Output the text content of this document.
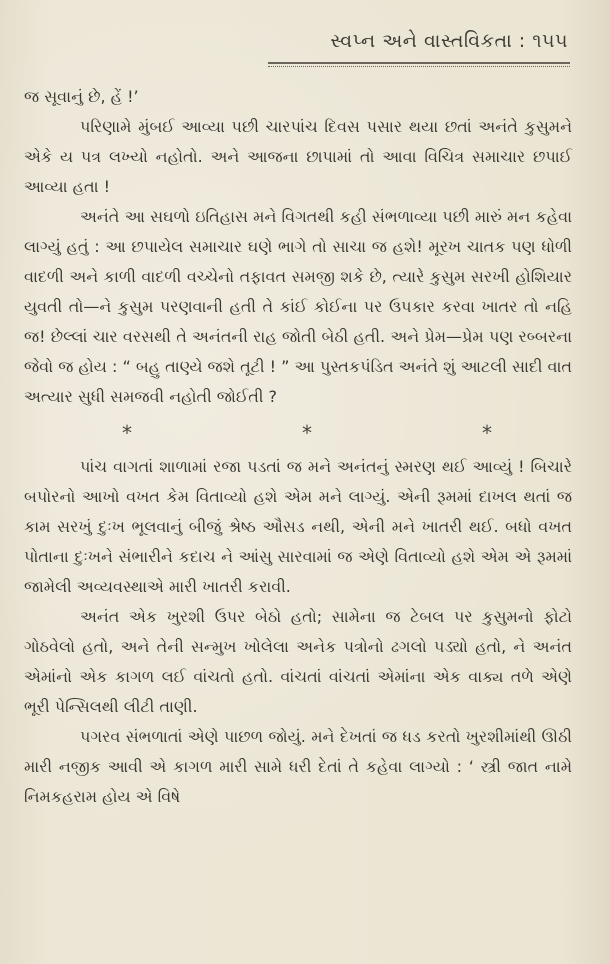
સ્વપ્ન અને વાસ્તવિકતા : ૧૫૫

જ સૂવાનું છે, હેં !’

પરિણામે મુંબઈ આવ્યા પછી ચારપાંચ દિવસ પસાર થયા છતાં અનંતે કુસુમને એકે ય પત્ર લખ્યો નહોતો. અને આજના છાપામાં તો આવા વિચિત્ર સમાચાર છપાઈ આવ્યા હતા !

અનંતે આ સઘળો ઇતિહાસ મને વિગતથી કહી સંભળાવ્યા પછી મારું મન કહેવા લાગ્યું હતું : આ છપાયેલ સમાચાર ઘણે ભાગે તો સાચા જ હશે! મૂરખ ચાતક પણ ધોળી વાદળી અને કાળી વાદળી વચ્ચેનો તફાવત સમજી શકે છે, ત્યારે કુસુમ સરખી હોશિયાર યુવતી તો—ને કુસુમ પરણવાની હતી તે કાંઈ કોઈના પર ઉપકાર કરવા ખાતર તો નહિ જ! છેલ્લાં ચાર વરસથી તે અનંતની રાહ જોતી બેઠી હતી. અને પ્રેમ—પ્રેમ પણ રબ્બરના જેવો જ હોય : “ બહુ તાણ્યે જશે તૂટી ! ” આ પુસ્તકપંડિત અનંતે શું આટલી સાદી વાત અત્યાર સુધી સમજવી નહોતી જોઈતી ?

*	*	*

પાંચ વાગતાં શાળામાં રજા પડતાં જ મને અનંતનું સ્મરણ થઈ આવ્યું ! બિચારે બપોરનો આખો વખત કેમ વિતાવ્યો હશે એમ મને લાગ્યું. એની રૂમમાં દાખલ થતાં જ કામ સરખું દુઃખ ભૂલવાનું બીજું શ્રેષ્ઠ ઔસડ નથી, એની મને ખાતરી થઈ. બધો વખત પોતાના દુઃખને સંભારીને કદાચ ને આંસુ સારવામાં જ એણે વિતાવ્યો હશે એમ એ રૂમમાં જામેલી અવ્યવસ્થાએ મારી ખાતરી કરાવી.

અનંત એક ખુરશી ઉપર બેઠો હતો; સામેના જ ટેબલ પર કુસુમનો ફોટો ગોઠવેલો હતો, અને તેની સન્મુખ ખોલેલા અનેક પત્રોનો ઢગલો પડ્યો હતો, ને અનંત એમાંનો એક કાગળ લઈ વાંચતો હતો. વાંચતાં વાંચતાં એમાંના એક વાક્ય તળે એણે ભૂરી પેન્સિલથી લીટી તાણી.

પગરવ સંભળાતાં એણે પાછળ જોયું. મને દેખતાં જ ધડ કરતો ખુરશીમાંથી ઊઠી મારી નજીક આવી એ કાગળ મારી સામે ધરી દેતાં તે કહેવા લાગ્યો : ‘ સ્ત્રી જાત નામે નિમકહરામ હોય એ વિષે
